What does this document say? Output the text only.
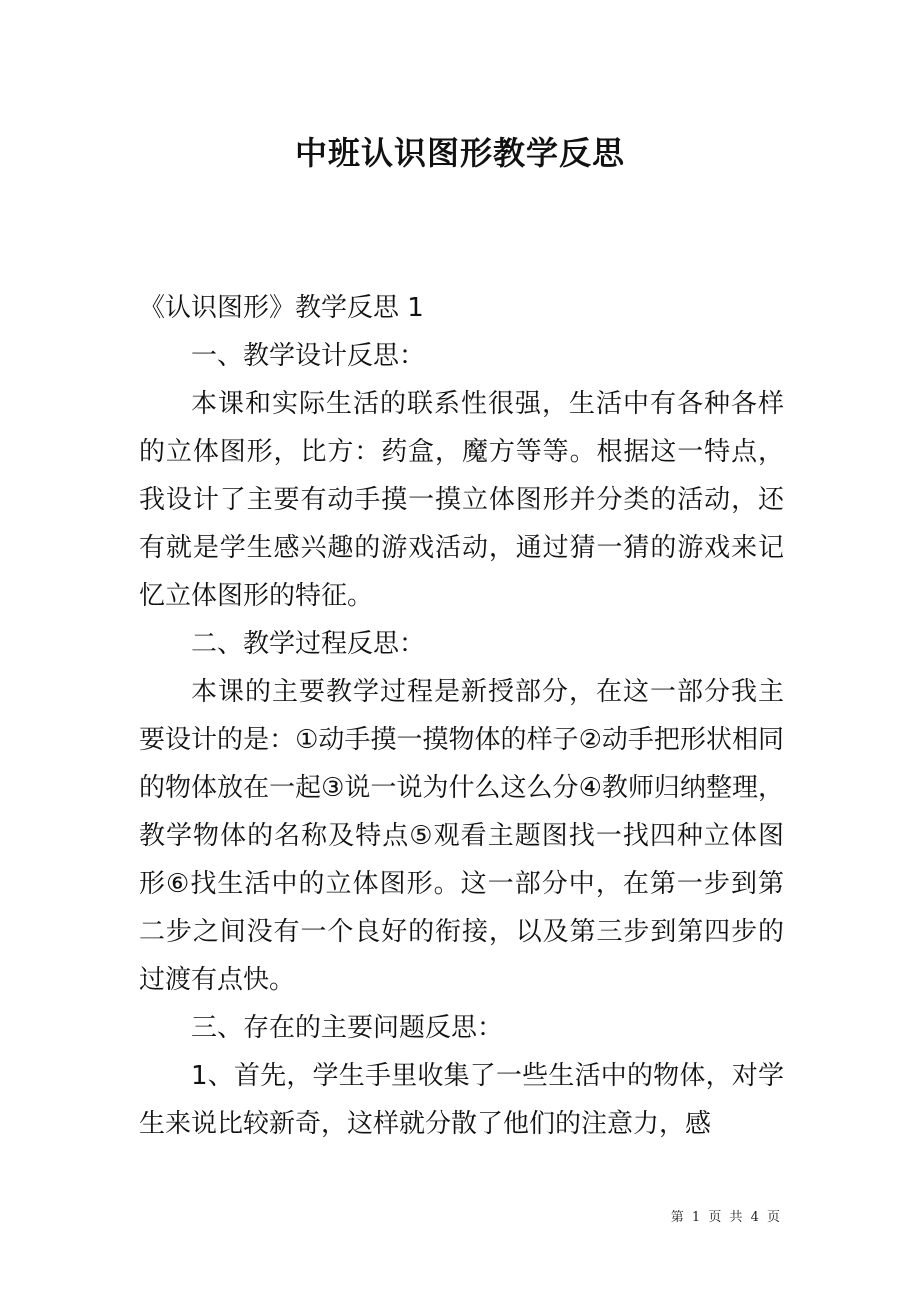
中班认识图形教学反思

《认识图形》教学反思 1

一、教学设计反思：

本课和实际生活的联系性很强，生活中有各种各样的立体图形，比方：药盒，魔方等等。根据这一特点，我设计了主要有动手摸一摸立体图形并分类的活动，还有就是学生感兴趣的游戏活动，通过猜一猜的游戏来记忆立体图形的特征。

二、教学过程反思：

本课的主要教学过程是新授部分，在这一部分我主要设计的是：①动手摸一摸物体的样子②动手把形状相同的物体放在一起③说一说为什么这么分④教师归纳整理，教学物体的名称及特点⑤观看主题图找一找四种立体图形⑥找生活中的立体图形。这一部分中，在第一步到第二步之间没有一个良好的衔接，以及第三步到第四步的过渡有点快。

三、存在的主要问题反思：

1、首先，学生手里收集了一些生活中的物体，对学生来说比较新奇，这样就分散了他们的注意力，感

第 1 页 共 4 页
